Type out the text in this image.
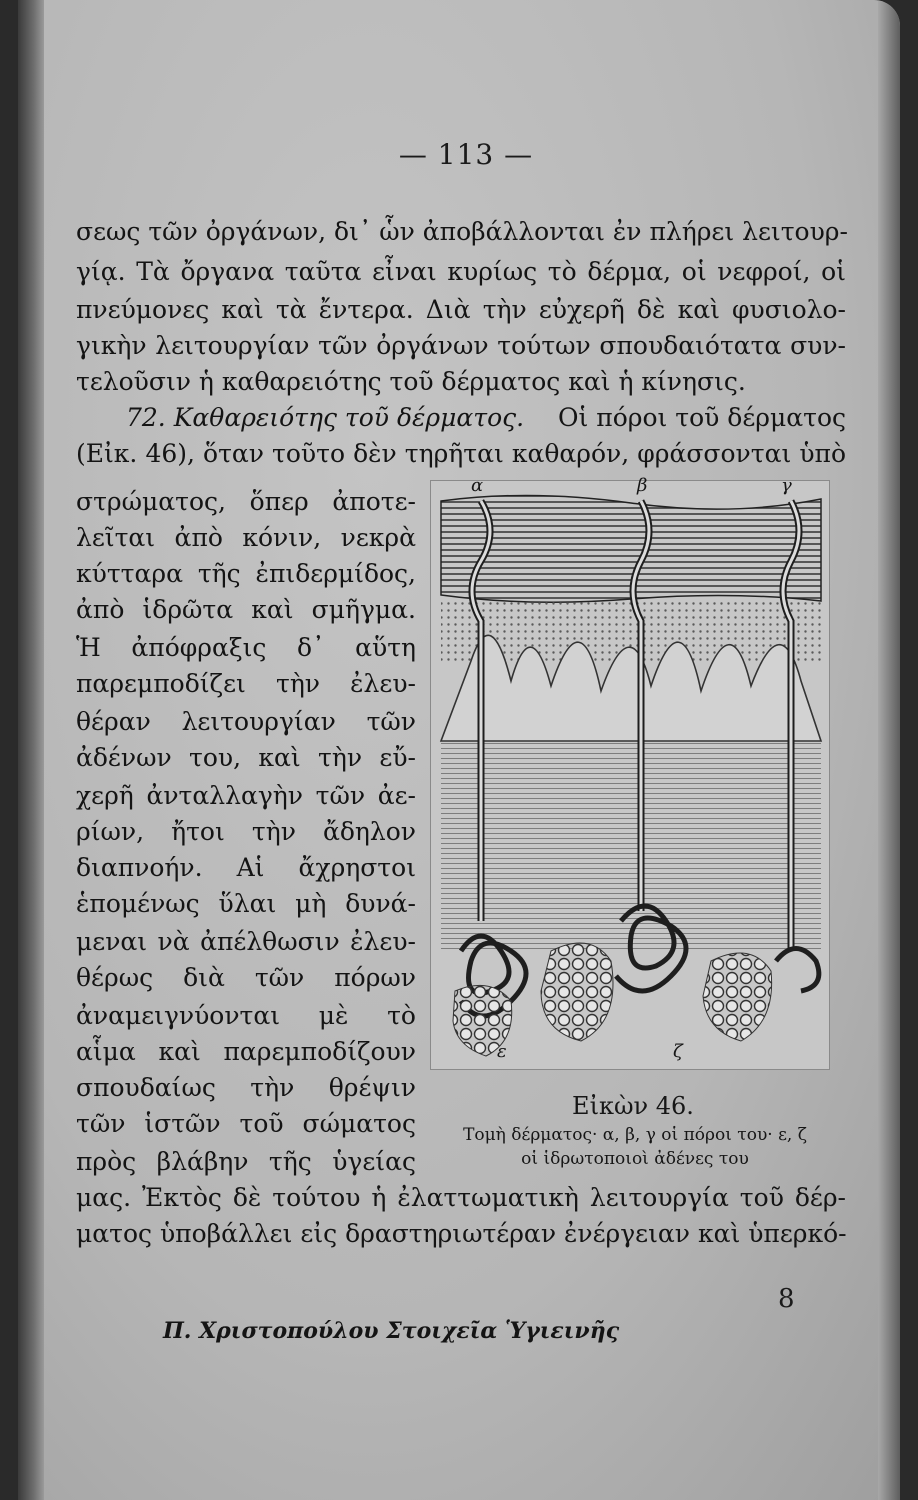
— 113 —
σεως τῶν ὀργάνων, δι᾽ ὧν ἀποβάλλονται ἐν πλήρει λειτουρ-
γίᾳ. Τὰ ὄργανα ταῦτα εἶναι κυρίως τὸ δέρμα, οἱ νεφροί, οἱ
πνεύμονες καὶ τὰ ἔντερα. Διὰ τὴν εὐχερῆ δὲ καὶ φυσιολο-
γικὴν λειτουργίαν τῶν ὀργάνων τούτων σπουδαιότατα συν-
τελοῦσιν ἡ καθαρειότης τοῦ δέρματος καὶ ἡ κίνησις.
72. Καθαρειότης τοῦ δέρματος.	Οἱ πόροι τοῦ δέρματος
(Εἰκ. 46), ὅταν τοῦτο δὲν τηρῆται καθαρόν, φράσσονται ὑπὸ
στρώματος, ὅπερ ἀποτε-
λεῖται ἀπὸ κόνιν, νεκρὰ
κύτταρα τῆς ἐπιδερμίδος,
ἀπὸ ἱδρῶτα καὶ σμῆγμα.
Ἡ ἀπόφραξις δ᾽ αὕτη
παρεμποδίζει τὴν ἐλευ-
θέραν λειτουργίαν τῶν
ἀδένων του, καὶ τὴν εὔ-
χερῆ ἀνταλλαγὴν τῶν ἀε-
ρίων, ἤτοι τὴν ἄδηλον
διαπνοήν. Αἱ ἄχρηστοι
ἑπομένως ὕλαι μὴ δυνά-
μεναι νὰ ἀπέλθωσιν ἐλευ-
θέρως διὰ τῶν πόρων
ἀναμειγνύονται μὲ τὸ
αἷμα καὶ παρεμποδίζουν
σπουδαίως τὴν θρέψιν
τῶν ἱστῶν τοῦ σώματος
πρὸς βλάβην τῆς ὑγείας
α	β	γ
ε	ζ
Εἰκὼν 46.
Τομὴ δέρματος· α, β, γ οἱ πόροι του· ε, ζ
οἱ ἱδρωτοποιοὶ ἀδένες του
μας. Ἐκτὸς δὲ τούτου ἡ ἐλαττωματικὴ λειτουργία τοῦ δέρ-
ματος ὑποβάλλει εἰς δραστηριωτέραν ἐνέργειαν καὶ ὑπερκό-
8
Π. Χριστοπούλου Στοιχεῖα Ὑγιεινῆς
